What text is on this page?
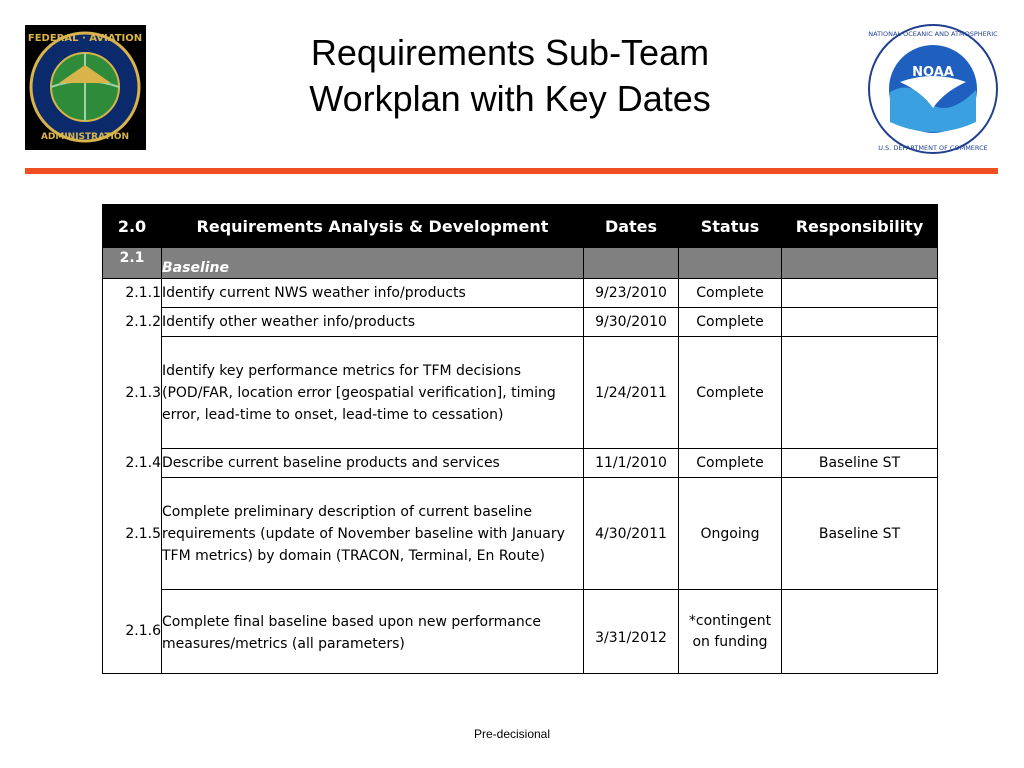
FEDERAL · AVIATION
ADMINISTRATION
Requirements Sub-Team
Workplan with Key Dates
NOAA
NATIONAL OCEANIC AND ATMOSPHERIC
U.S. DEPARTMENT OF COMMERCE
2.0	Requirements Analysis & Development	Dates	Status	Responsibility
2.1	Baseline			
2.1.1	Identify current NWS weather info/products	9/23/2010	Complete	
2.1.2	Identify other weather info/products	9/30/2010	Complete	
2.1.3	Identify key performance metrics for TFM decisions (POD/FAR, location error [geospatial verification], timing error, lead-time to onset, lead-time to cessation)	1/24/2011	Complete	
2.1.4	Describe current baseline products and services	11/1/2010	Complete	Baseline ST
2.1.5	Complete preliminary description of current baseline requirements (update of November baseline with January TFM metrics) by domain (TRACON, Terminal, En Route)	4/30/2011	Ongoing	Baseline ST
2.1.6	Complete final baseline based upon new performance measures/metrics (all parameters)	3/31/2012	*contingent on funding	
Pre-decisional
